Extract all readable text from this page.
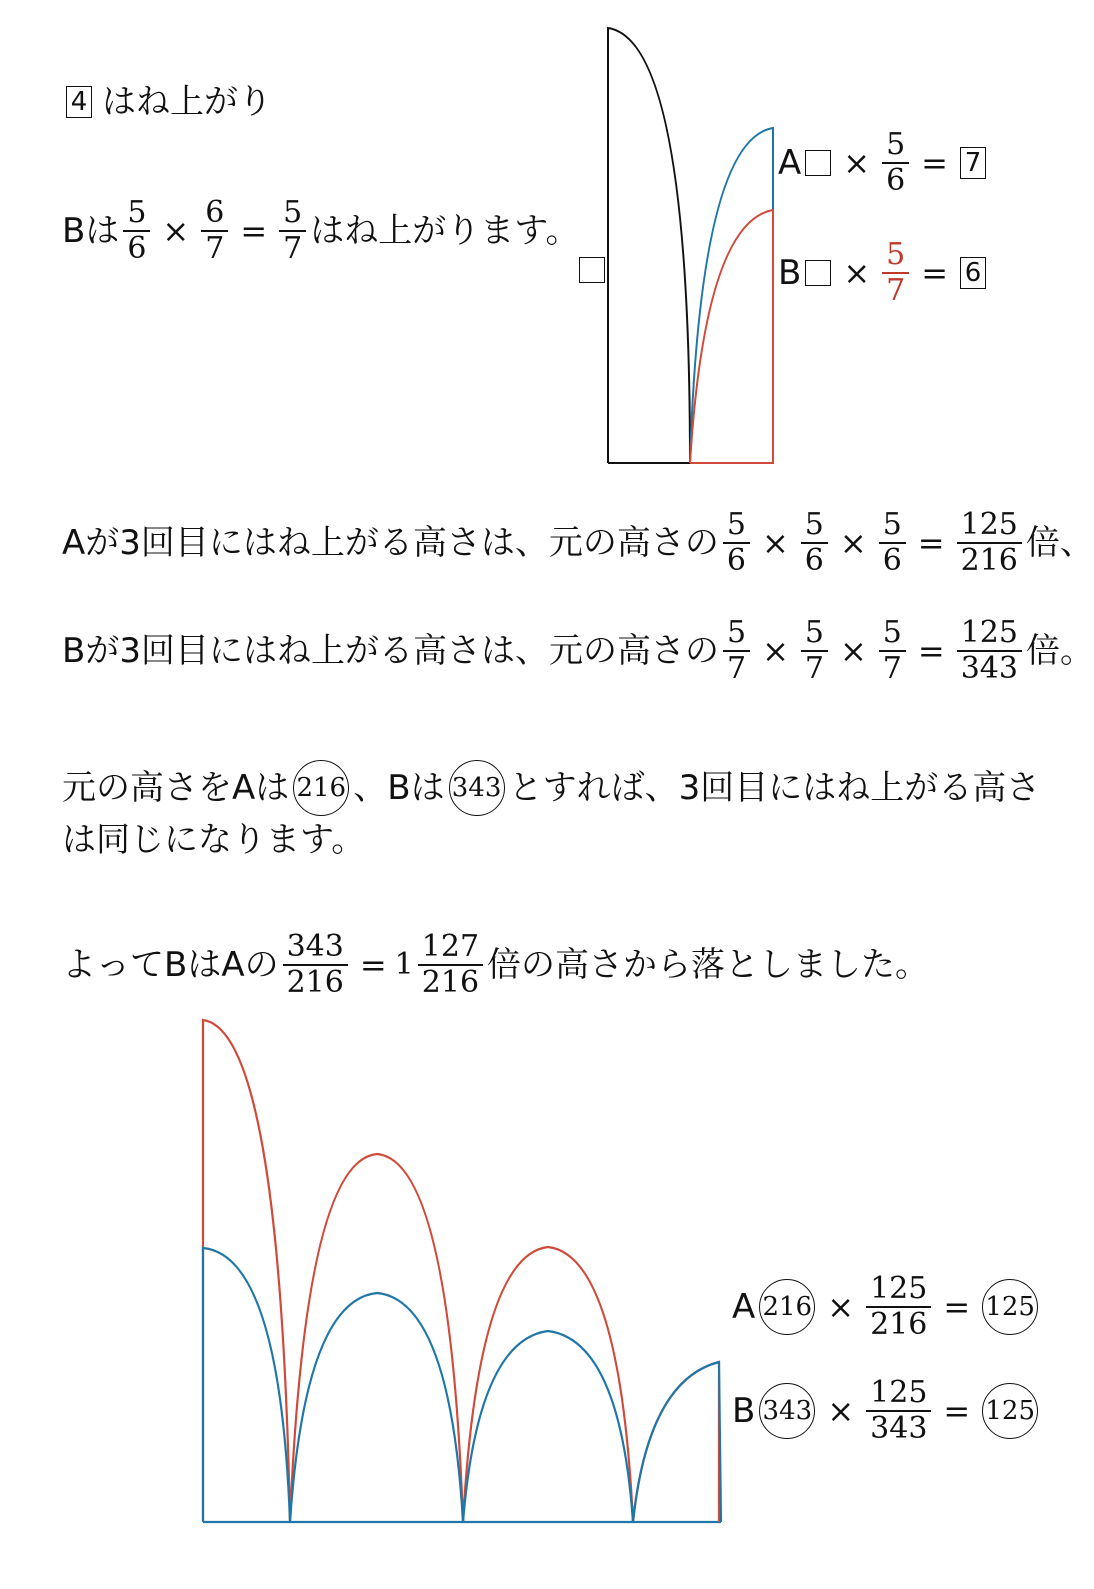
4 はね上がり
Bは $\frac{5}{6} \times \frac{6}{7} = \frac{5}{7}$ はね上がります。
$A \times \frac{5}{6} = 7$
$B \times \frac{5}{7} = 6$
Aが3回目にはね上がる高さは、元の高さの $\frac{5}{6} \times \frac{5}{6} \times \frac{5}{6} = \frac{125}{216}$ 倍、
Bが3回目にはね上がる高さは、元の高さの $\frac{5}{7} \times \frac{5}{7} \times \frac{5}{7} = \frac{125}{343}$ 倍。
元の高さをAは 216 、Bは 343 とすれば、3回目にはね上がる高さ
は同じになります。
よってBはAの $\frac{343}{216} = 1 \frac{127}{216}$ 倍の高さから落としました。
A $216 \times \frac{125}{216} = 125$
B $343 \times \frac{125}{343} = 125$
